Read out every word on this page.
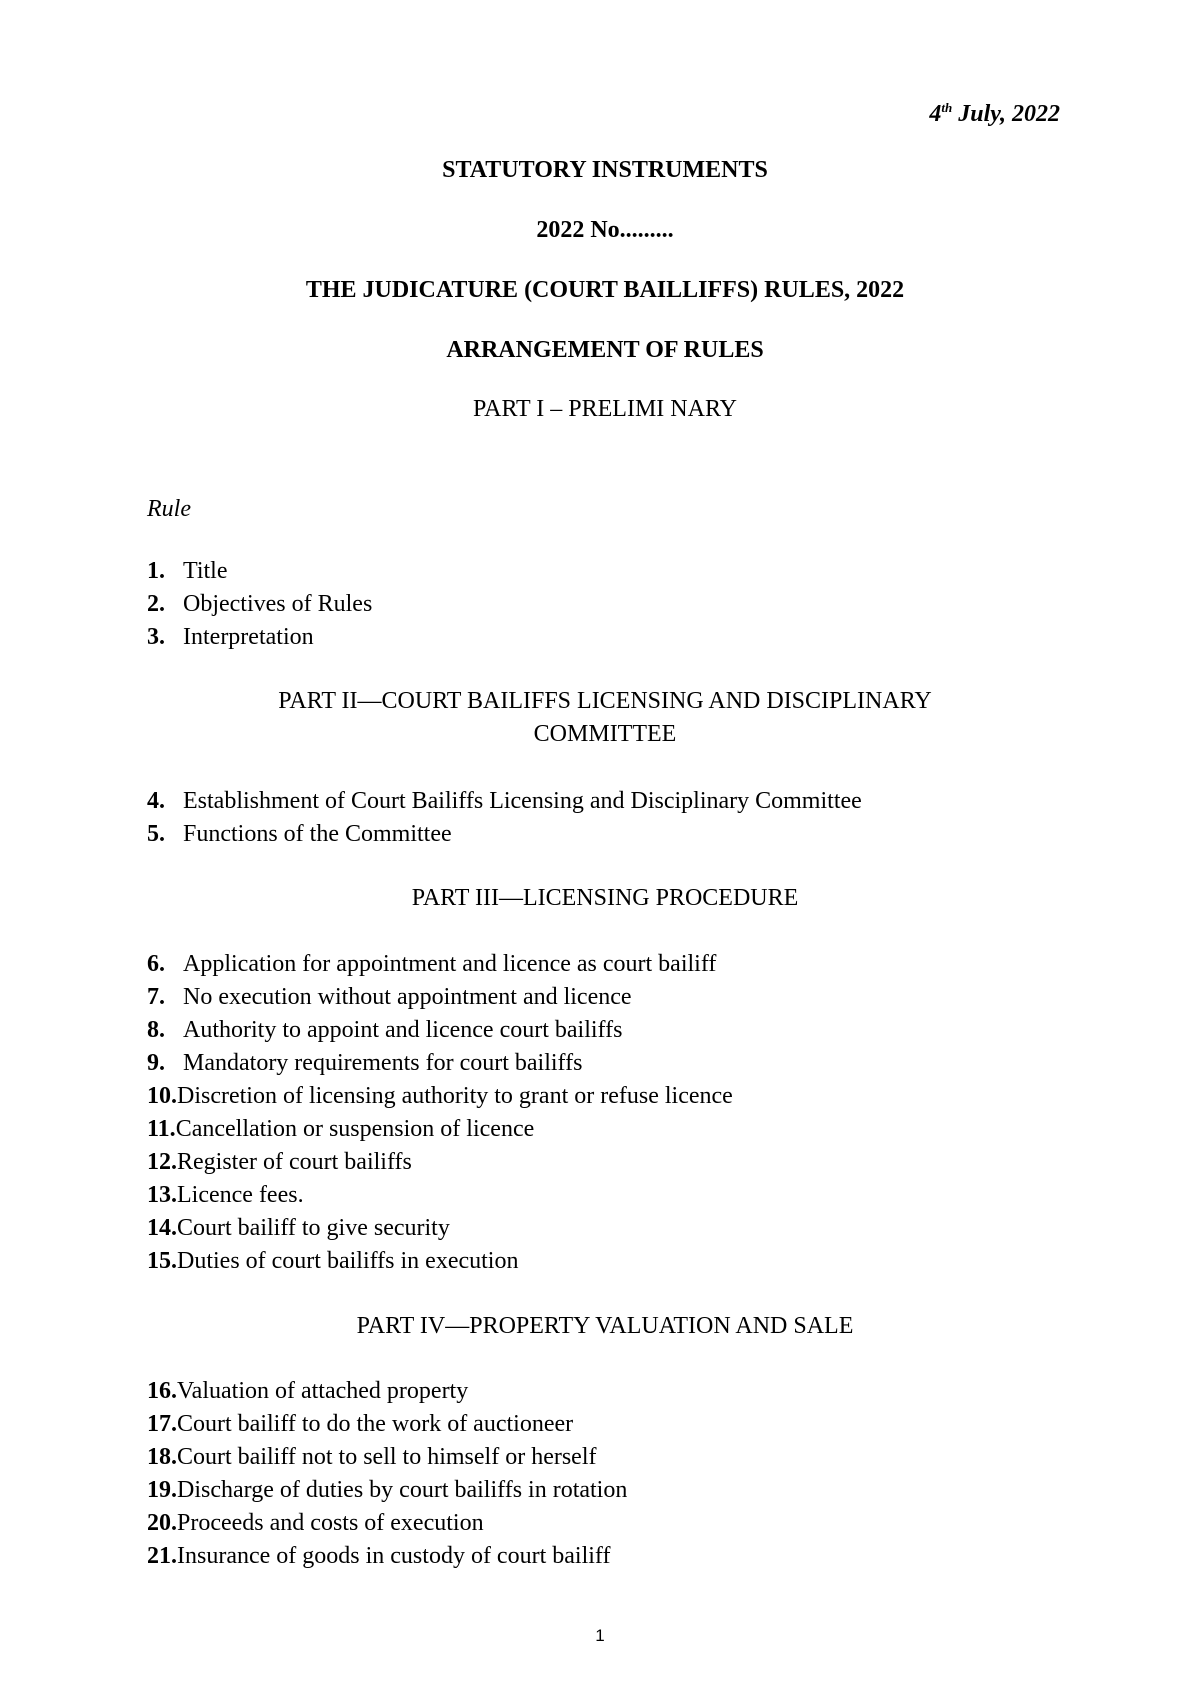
4th July, 2022
STATUTORY INSTRUMENTS
2022 No.........
THE JUDICATURE (COURT BAILLIFFS) RULES, 2022
ARRANGEMENT OF RULES
PART I – PRELIMI NARY
Rule
1. Title
2. Objectives of Rules
3. Interpretation
PART II—COURT BAILIFFS LICENSING AND DISCIPLINARY
COMMITTEE
4. Establishment of Court Bailiffs Licensing and Disciplinary Committee
5. Functions of the Committee
PART III—LICENSING PROCEDURE
6. Application for appointment and licence as court bailiff
7. No execution without appointment and licence
8. Authority to appoint and licence court bailiffs
9. Mandatory requirements for court bailiffs
10. Discretion of licensing authority to grant or refuse licence
11. Cancellation or suspension of licence
12. Register of court bailiffs
13. Licence fees.
14. Court bailiff to give security
15. Duties of court bailiffs in execution
PART IV—PROPERTY VALUATION AND SALE
16. Valuation of attached property
17. Court bailiff to do the work of auctioneer
18. Court bailiff not to sell to himself or herself
19. Discharge of duties by court bailiffs in rotation
20. Proceeds and costs of execution
21. Insurance of goods in custody of court bailiff
1
